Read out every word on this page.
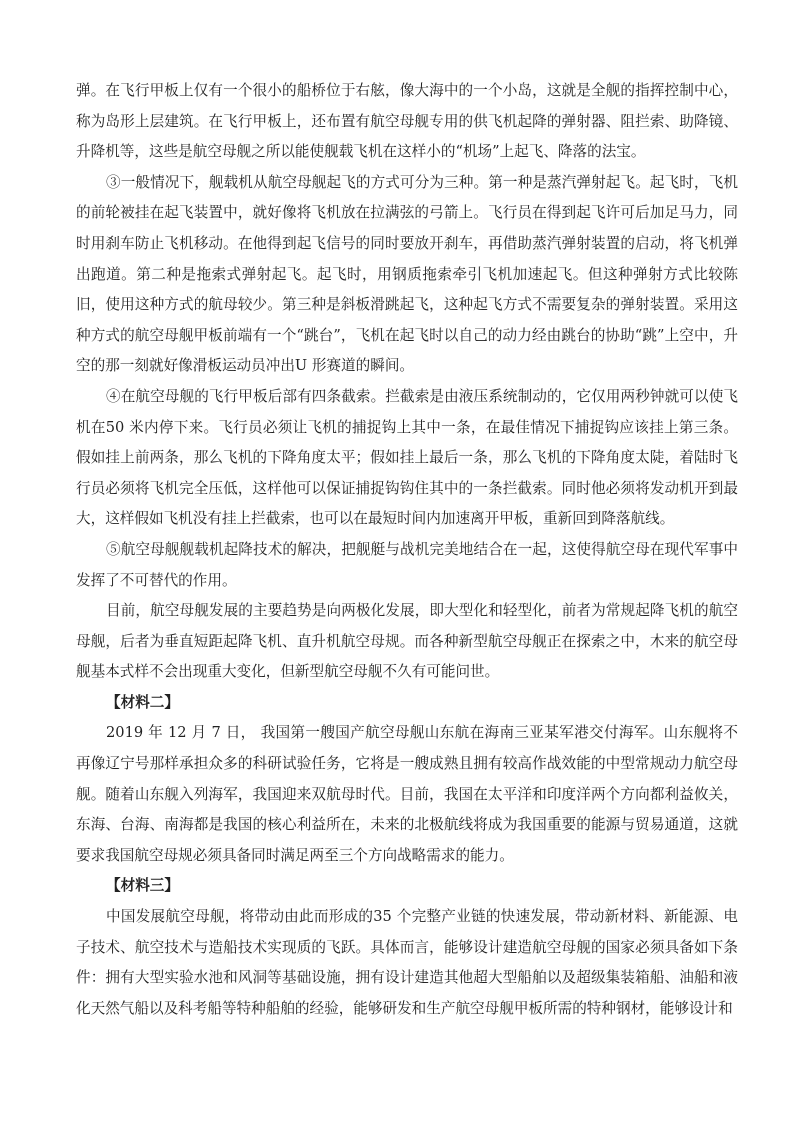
弹。在飞行甲板上仅有一个很小的船桥位于右舷，像大海中的一个小岛，这就是全舰的指挥控制中心，称为岛形上层建筑。在飞行甲板上，还布置有航空母舰专用的供飞机起降的弹射器、阻拦索、助降镜、升降机等，这些是航空母舰之所以能使舰载飞机在这样小的“机场”上起飞、降落的法宝。

③一般情况下，舰载机从航空母舰起飞的方式可分为三种。第一种是蒸汽弹射起飞。起飞时，飞机的前轮被挂在起飞装置中，就好像将飞机放在拉满弦的弓箭上。飞行员在得到起飞许可后加足马力，同时用刹车防止飞机移动。在他得到起飞信号的同时要放开刹车，再借助蒸汽弹射装置的启动，将飞机弹出跑道。第二种是拖索式弹射起飞。起飞时，用钢质拖索牵引飞机加速起飞。但这种弹射方式比较陈旧，使用这种方式的航母较少。第三种是斜板滑跳起飞，这种起飞方式不需要复杂的弹射装置。采用这种方式的航空母舰甲板前端有一个“跳台”，飞机在起飞时以自己的动力经由跳台的协助“跳”上空中，升空的那一刻就好像滑板运动员冲出U 形赛道的瞬间。

④在航空母舰的飞行甲板后部有四条截索。拦截索是由液压系统制动的，它仅用两秒钟就可以使飞机在50 米内停下来。飞行员必须让飞机的捕捉钩上其中一条，在最佳情况下捕捉钩应该挂上第三条。假如挂上前两条，那么飞机的下降角度太平；假如挂上最后一条，那么飞机的下降角度太陡，着陆时飞行员必须将飞机完全压低，这样他可以保证捕捉钩钩住其中的一条拦截索。同时他必须将发动机开到最大，这样假如飞机没有挂上拦截索，也可以在最短时间内加速离开甲板，重新回到降落航线。

⑤航空母舰舰载机起降技术的解决，把舰艇与战机完美地结合在一起，这使得航空母在现代军事中发挥了不可替代的作用。

目前，航空母舰发展的主要趋势是向两极化发展，即大型化和轻型化，前者为常规起降飞机的航空母舰，后者为垂直短距起降飞机、直升机航空母规。而各种新型航空母舰正在探索之中，木来的航空母舰基本式样不会出现重大变化，但新型航空母舰不久有可能问世。

【材料二】

2019 年 12 月 7 日， 我国第一艘国产航空母舰山东航在海南三亚某军港交付海军。山东舰将不再像辽宁号那样承担众多的科研试验任务，它将是一艘成熟且拥有较高作战效能的中型常规动力航空母舰。随着山东舰入列海军，我国迎来双航母时代。目前，我国在太平洋和印度洋两个方向都利益攸关，东海、台海、南海都是我国的核心利益所在，未来的北极航线将成为我国重要的能源与贸易通道，这就要求我国航空母规必须具备同时满足两至三个方向战略需求的能力。

【材料三】

中国发展航空母舰，将带动由此而形成的35 个完整产业链的快速发展，带动新材料、新能源、电子技术、航空技术与造船技术实现质的飞跃。具体而言，能够设计建造航空母舰的国家必须具备如下条件：拥有大型实验水池和风洞等基础设施，拥有设计建造其他超大型船舶以及超级集装箱船、油船和液化天然气船以及科考船等特种船舶的经验，能够研发和生产航空母舰甲板所需的特种钢材，能够设计和
